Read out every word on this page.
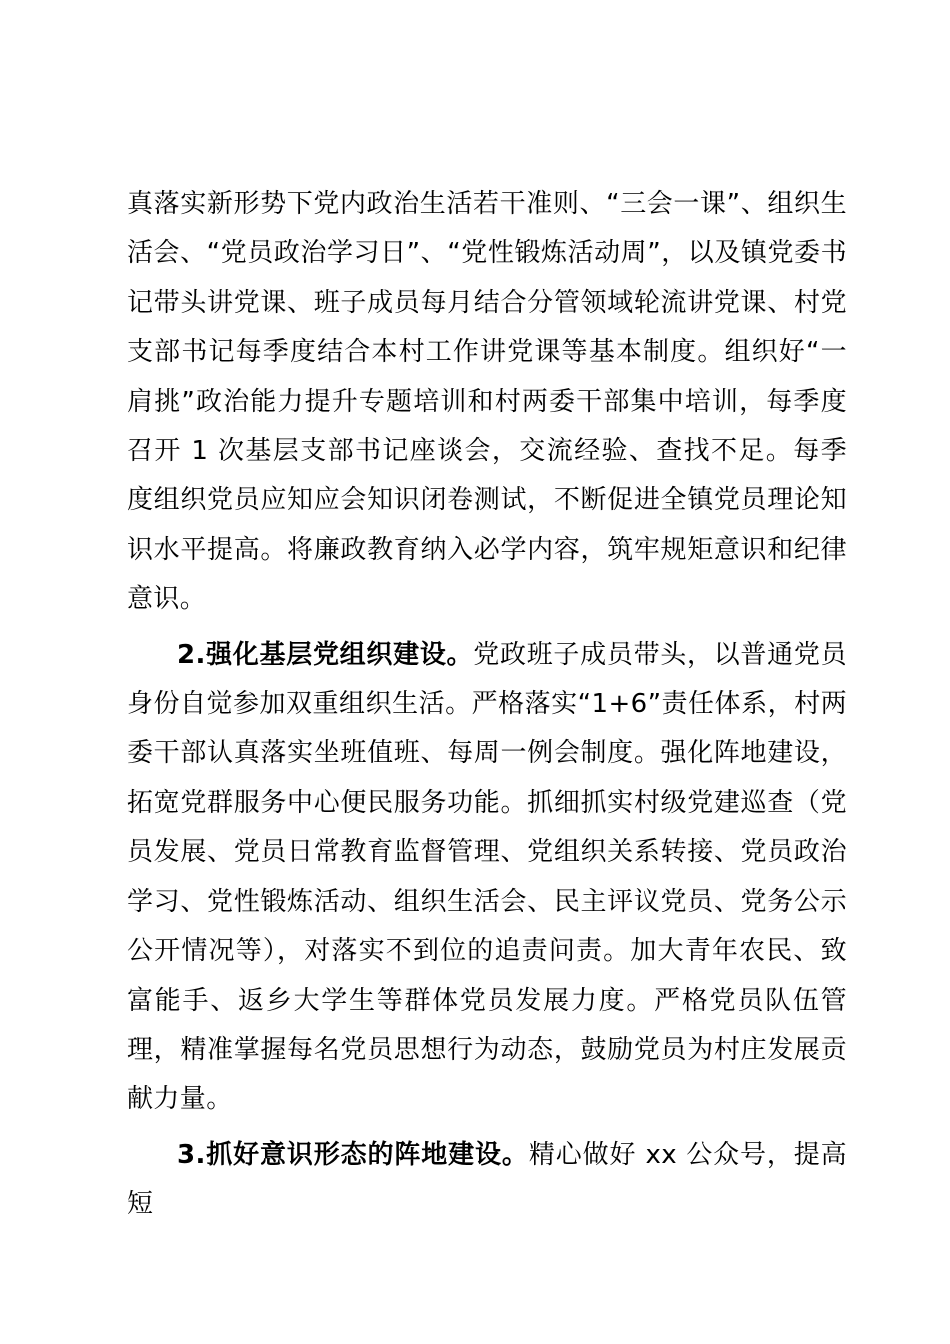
真落实新形势下党内政治生活若干准则、“三会一课”、组织生活会、“党员政治学习日”、“党性锻炼活动周”，以及镇党委书记带头讲党课、班子成员每月结合分管领域轮流讲党课、村党支部书记每季度结合本村工作讲党课等基本制度。组织好“一肩挑”政治能力提升专题培训和村两委干部集中培训，每季度召开 1 次基层支部书记座谈会，交流经验、查找不足。每季度组织党员应知应会知识闭卷测试，不断促进全镇党员理论知识水平提高。将廉政教育纳入必学内容，筑牢规矩意识和纪律意识。

2.强化基层党组织建设。党政班子成员带头，以普通党员身份自觉参加双重组织生活。严格落实“1+6”责任体系，村两委干部认真落实坐班值班、每周一例会制度。强化阵地建设，拓宽党群服务中心便民服务功能。抓细抓实村级党建巡查（党员发展、党员日常教育监督管理、党组织关系转接、党员政治学习、党性锻炼活动、组织生活会、民主评议党员、党务公示公开情况等），对落实不到位的追责问责。加大青年农民、致富能手、返乡大学生等群体党员发展力度。严格党员队伍管理，精准掌握每名党员思想行为动态，鼓励党员为村庄发展贡献力量。

3.抓好意识形态的阵地建设。精心做好 xx 公众号，提高短
